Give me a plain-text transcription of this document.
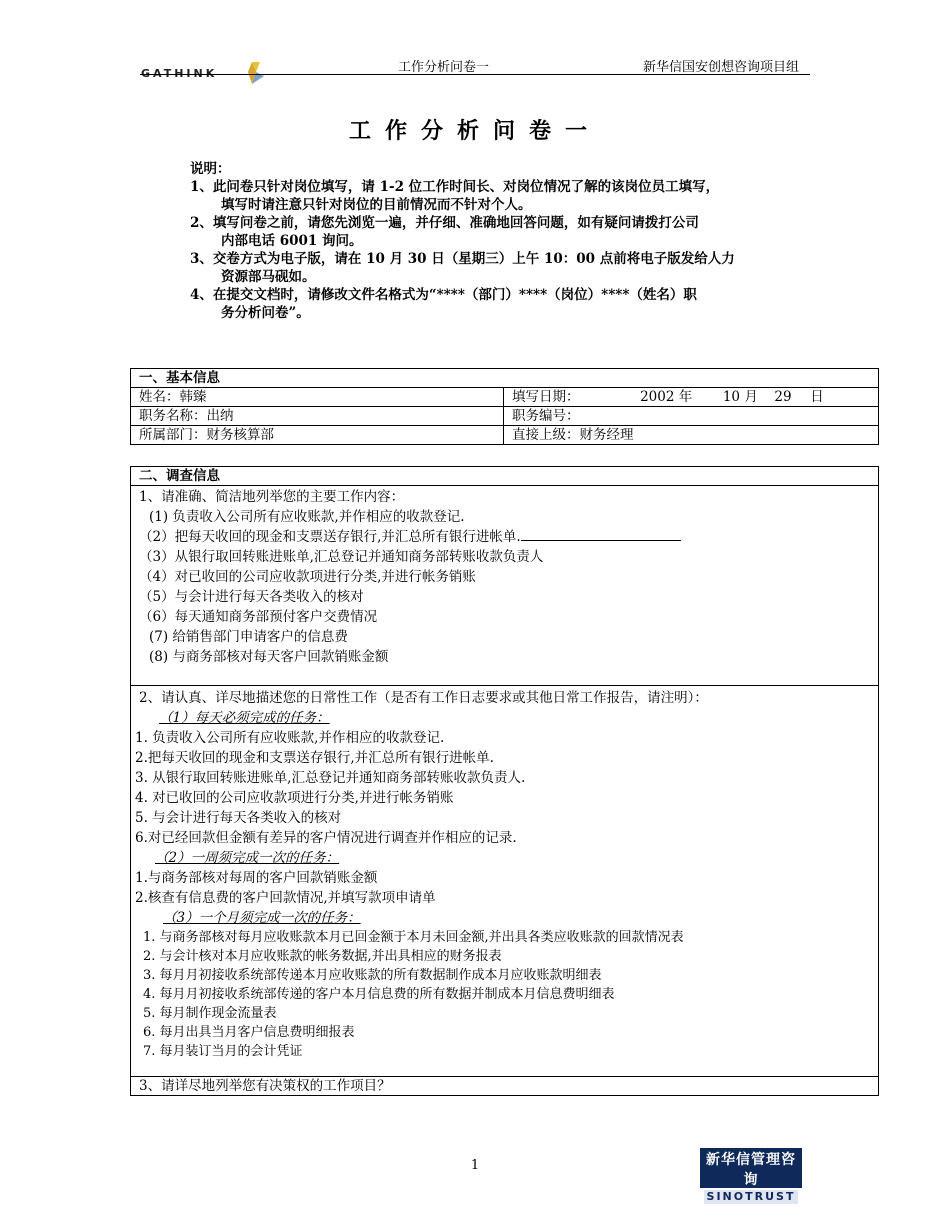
GATHINK	工作分析问卷一	新华信国安创想咨询项目组
工作分析问卷一
说明：
1、此问卷只针对岗位填写，请 1-2 位工作时间长、对岗位情况了解的该岗位员工填写，
填写时请注意只针对岗位的目前情况而不针对个人。
2、填写问卷之前，请您先浏览一遍，并仔细、准确地回答问题，如有疑问请拨打公司
内部电话 6001 询问。
3、交卷方式为电子版，请在 10 月 30 日（星期三）上午 10：00 点前将电子版发给人力
资源部马砚如。
4、在提交文档时，请修改文件名格式为“****（部门）****（岗位）****（姓名）职
务分析问卷”。
一、基本信息	
姓名：韩臻	填写日期： 2002 年 10 月 29 日
职务名称：出纳	职务编号：
所属部门：财务核算部	直接上级：财务经理
二、调查信息

1、请准确、简洁地列举您的主要工作内容：
(1) 负责收入公司所有应收账款,并作相应的收款登记.
（2）把每天收回的现金和支票送存银行,并汇总所有银行进帐单.
（3）从银行取回转账进账单,汇总登记并通知商务部转账收款负责人
（4）对已收回的公司应收款项进行分类,并进行帐务销账
（5）与会计进行每天各类收入的核对
（6）每天通知商务部预付客户交费情况
(7) 给销售部门申请客户的信息费
(8) 与商务部核对每天客户回款销账金额

2、请认真、详尽地描述您的日常性工作（是否有工作日志要求或其他日常工作报告，请注明）：
（1）每天必须完成的任务：
1. 负责收入公司所有应收账款,并作相应的收款登记.
2.把每天收回的现金和支票送存银行,并汇总所有银行进帐单.
3. 从银行取回转账进账单,汇总登记并通知商务部转账收款负责人.
4. 对已收回的公司应收款项进行分类,并进行帐务销账
5. 与会计进行每天各类收入的核对
6.对已经回款但金额有差异的客户情况进行调查并作相应的记录.
（2）一周须完成一次的任务：
1.与商务部核对每周的客户回款销账金额
2.核查有信息费的客户回款情况,并填写款项申请单
（3）一个月须完成一次的任务：
1. 与商务部核对每月应收账款本月已回金额于本月未回金额,并出具各类应收账款的回款情况表
2. 与会计核对本月应收账款的帐务数据,并出具相应的财务报表
3. 每月月初接收系统部传递本月应收账款的所有数据制作成本月应收账款明细表
4. 每月月初接收系统部传递的客户本月信息费的所有数据并制成本月信息费明细表
5. 每月制作现金流量表
6. 每月出具当月客户信息费明细报表
7. 每月装订当月的会计凭证

3、请详尽地列举您有决策权的工作项目？
1	新华信管理咨询
SINOTRUST
